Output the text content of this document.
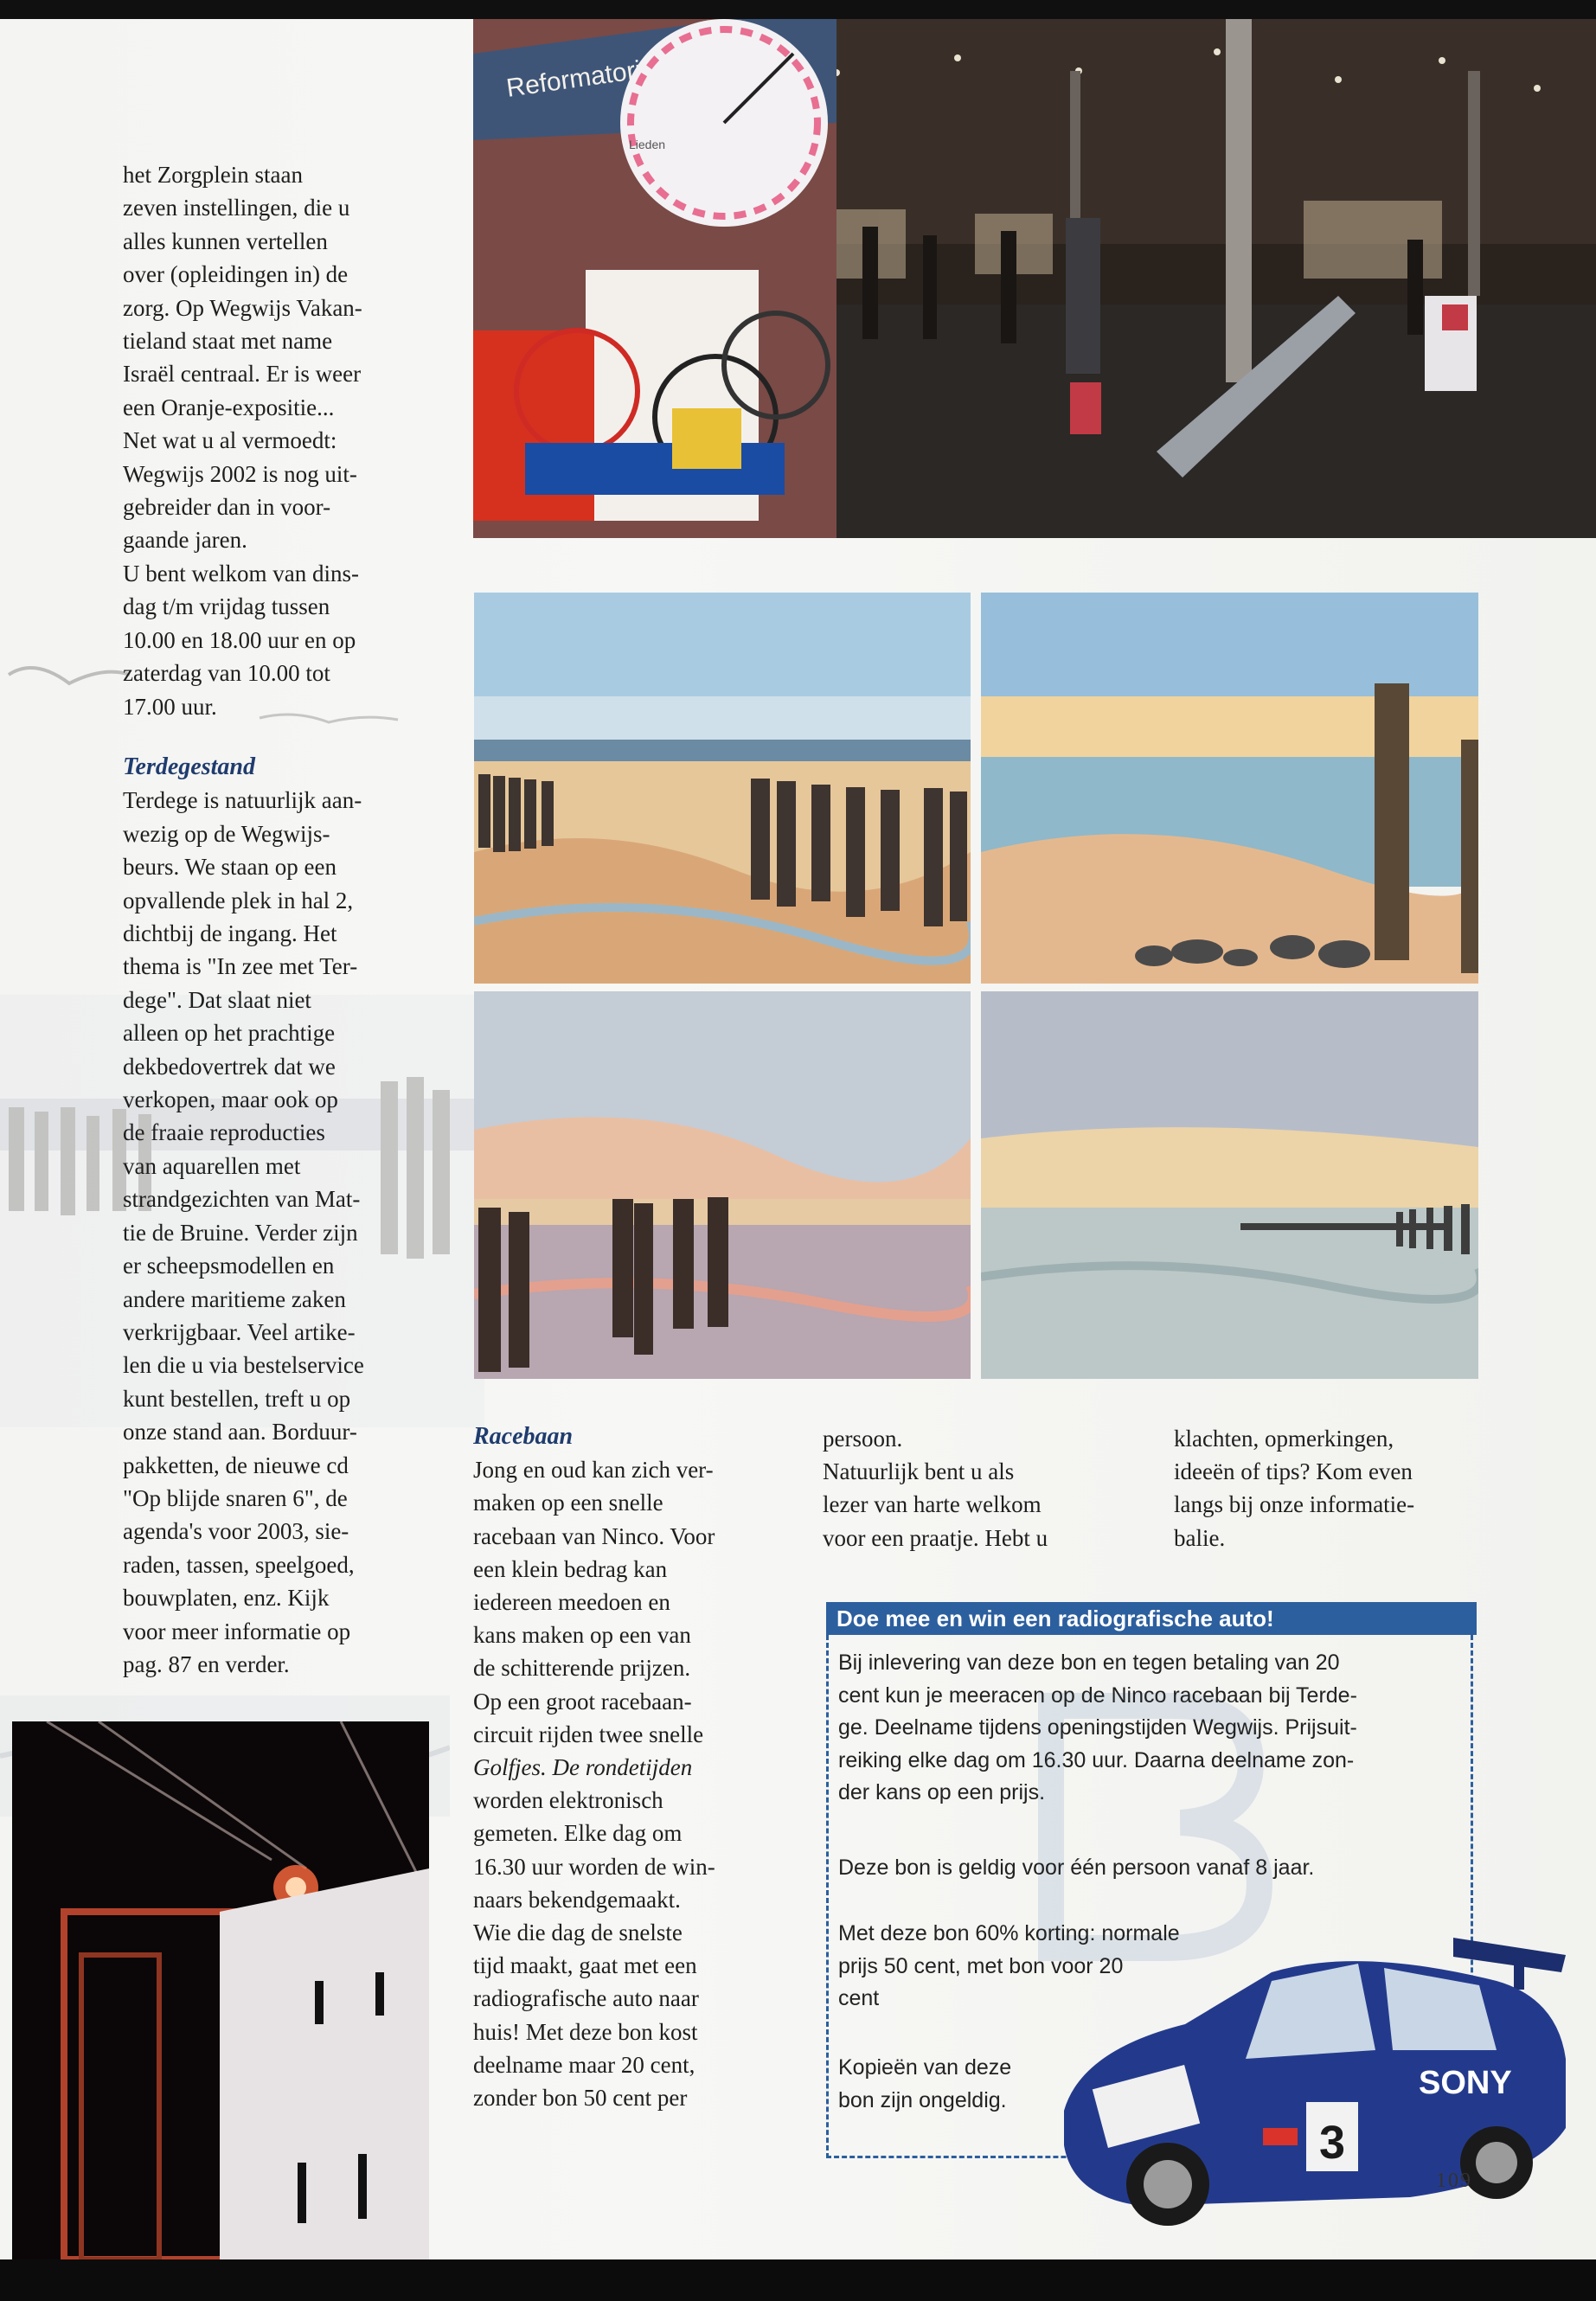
het Zorgplein staan
zeven instellingen, die u
alles kunnen vertellen
over (opleidingen in) de
zorg. Op Wegwijs Vakan-
tieland staat met name
Israël centraal. Er is weer
een Oranje-expositie...
Net wat u al vermoedt:
Wegwijs 2002 is nog uit-
gebreider dan in voor-
gaande jaren.
U bent welkom van dins-
dag t/m vrijdag tussen
10.00 en 18.00 uur en op
zaterdag van 10.00 tot
17.00 uur.
Terdegestand
Terdege is natuurlijk aan-
wezig op de Wegwijs-
beurs. We staan op een
opvallende plek in hal 2,
dichtbij de ingang. Het
thema is "In zee met Ter-
dege". Dat slaat niet
alleen op het prachtige
dekbedovertrek dat we
verkopen, maar ook op
de fraaie reproducties
van aquarellen met
strandgezichten van Mat-
tie de Bruine. Verder zijn
er scheepsmodellen en
andere maritieme zaken
verkrijgbaar. Veel artike-
len die u via bestelservice
kunt bestellen, treft u op
onze stand aan. Borduur-
pakketten, de nieuwe cd
"Op blijde snaren 6", de
agenda's voor 2003, sie-
raden, tassen, speelgoed,
bouwplaten, enz. Kijk
voor meer informatie op
pag. 87 en verder.
Reformatorisch
Lieden
Racebaan
Jong en oud kan zich ver-
maken op een snelle
racebaan van Ninco. Voor
een klein bedrag kan
iedereen meedoen en
kans maken op een van
de schitterende prijzen.
Op een groot racebaan-
circuit rijden twee snelle
Golfjes. De rondetijden
worden elektronisch
gemeten. Elke dag om
16.30 uur worden de win-
naars bekendgemaakt.
Wie die dag de snelste
tijd maakt, gaat met een
radiografische auto naar
huis! Met deze bon kost
deelname maar 20 cent,
zonder bon 50 cent per
persoon.
Natuurlijk bent u als
lezer van harte welkom
voor een praatje. Hebt u
klachten, opmerkingen,
ideeën of tips? Kom even
langs bij onze informatie-
balie.
Doe mee en win een radiografische auto!
Bij inlevering van deze bon en tegen betaling van 20
cent kun je meeracen op de Ninco racebaan bij Terde-
ge. Deelname tijdens openingstijden Wegwijs. Prijsuit-
reiking elke dag om 16.30 uur. Daarna deelname zon-
der kans op een prijs.
Deze bon is geldig voor één persoon vanaf 8 jaar.
Met deze bon 60% korting: normale
prijs 50 cent, met bon voor 20
cent
Kopieën van deze
bon zijn ongeldig.	SONY
3
109
